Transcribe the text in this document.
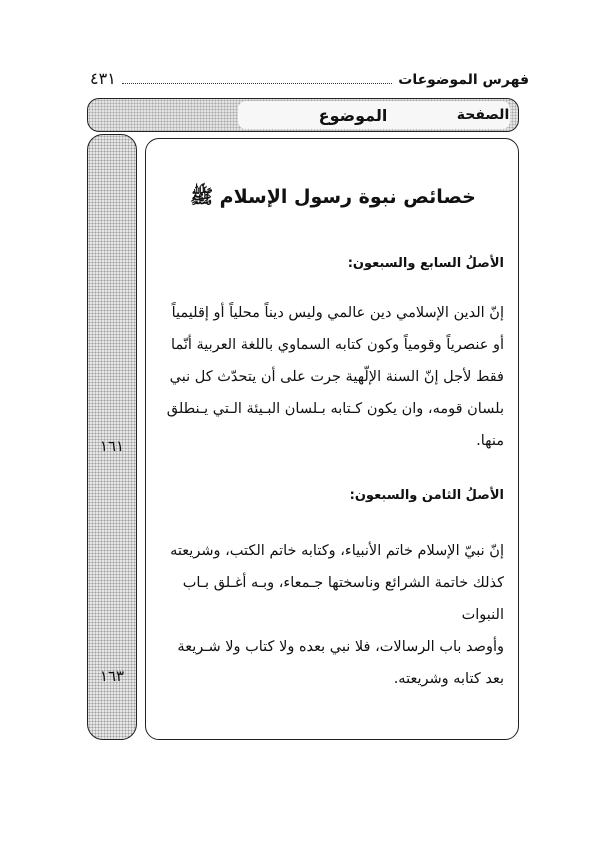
فهرس الموضوعات
٤٣١
الموضوع	الصفحة
١٦١
١٦٣
خصائص نبوة رسول الإسلام ﷺ
الأصلُ السابع والسبعون:
إنّ الدين الإسلامي دين عالمي وليس ديناً محلياً أو إقليمياً
أو عنصرياً وقومياً وكون كتابه السماوي باللغة العربية أنّما
فقط لأجل إنّ السنة الإلّهية جرت على أن يتحدّث كل نبي
بلسان قومه، وان يكون كـتابه بـلسان البـيئة الـتي يـنطلق
منها.
الأصلُ الثامن والسبعون:
إنّ نبيّ الإسلام خاتم الأنبياء، وكتابه خاتم الكتب، وشريعته
كذلك خاتمة الشرائع وناسختها جـمعاء، وبـه أغـلق بـاب
النبوات
وأوصد باب الرسالات، فلا نبي بعده ولا كتاب ولا شـريعة
بعد كتابه وشريعته.
